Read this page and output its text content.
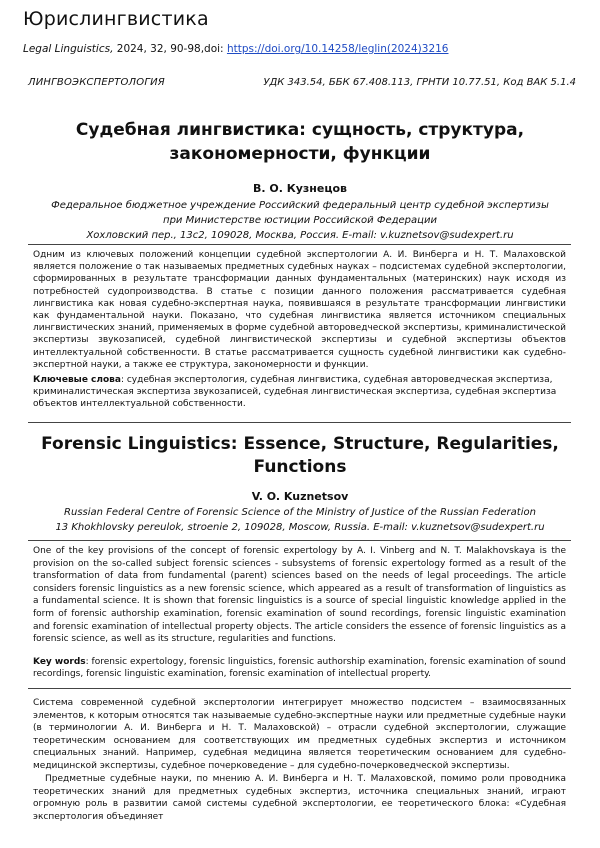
Юрислингвистика
Legal Linguistics, 2024, 32, 90-98,doi: https://doi.org/10.14258/leglin(2024)3216
ЛИНГВОЭКСПЕРТОЛОГИЯ	УДК 343.54, ББК 67.408.113, ГРНТИ 10.77.51, Код ВАК 5.1.4
Судебная лингвистика: сущность, структура,
закономерности, функции
В. О. Кузнецов
Федеральное бюджетное учреждение Российский федеральный центр судебной экспертизы
при Министерстве юстиции Российской Федерации
Хохловский пер., 13с2, 109028, Москва, Россия. E-mail: v.kuznetsov@sudexpert.ru
Одним из ключевых положений концепции судебной экспертологии А. И. Винберга и Н. Т. Малаховской является положение о так называемых предметных судебных науках – подсистемах судебной экспертологии, сформированных в результате трансформации данных фундаментальных (материнских) наук исходя из потребностей судопроизводства. В статье с позиции данного положения рассматривается судебная лингвистика как новая судебно-экспертная наука, появившаяся в результате трансформации лингвистики как фундаментальной науки. Показано, что судебная лингвистика является источником специальных лингвистических знаний, применяемых в форме судебной автороведческой экспертизы, криминалистической экспертизы звукозаписей, судебной лингвистической экспертизы и судебной экспертизы объектов интеллектуальной собственности. В статье рассматривается сущность судебной лингвистики как судебно-экспертной науки, а также ее структура, закономерности и функции.
Ключевые слова: судебная экспертология, судебная лингвистика, судебная автороведческая экспертиза, криминалистическая экспертиза звукозаписей, судебная лингвистическая экспертиза, судебная экспертиза объектов интеллектуальной собственности.
Forensic Linguistics: Essence, Structure, Regularities,
Functions
V. O. Kuznetsov
Russian Federal Centre of Forensic Science of the Ministry of Justice of the Russian Federation
13 Khokhlovsky pereulok, stroenie 2, 109028, Moscow, Russia. E-mail: v.kuznetsov@sudexpert.ru
One of the key provisions of the concept of forensic expertology by A. I. Vinberg and N. T. Malakhovskaya is the provision on the so-called subject forensic sciences - subsystems of forensic expertology formed as a result of the transformation of data from fundamental (parent) sciences based on the needs of legal proceedings. The article considers forensic linguistics as a new forensic science, which appeared as a result of transformation of linguistics as a fundamental science. It is shown that forensic linguistics is a source of special linguistic knowledge applied in the form of forensic authorship examination, forensic examination of sound recordings, forensic linguistic examination and forensic examination of intellectual property objects. The article considers the essence of forensic linguistics as a forensic science, as well as its structure, regularities and functions.
Key words: forensic expertology, forensic linguistics, forensic authorship examination, forensic examination of sound recordings, forensic linguistic examination, forensic examination of intellectual property.
Система современной судебной экспертологии интегрирует множество подсистем – взаимосвязанных элементов, к которым относятся так называемые судебно-экспертные науки или предметные судебные науки (в терминологии А. И. Винберга и Н. Т. Малаховской) – отрасли судебной экспертологии, служащие теоретическим основанием для соответствующих им предметных судебных экспертиз и источником специальных знаний. Например, судебная медицина является теоретическим основанием для судебно-медицинской экспертизы, судебное почерковедение – для судебно-почерковедческой экспертизы.
Предметные судебные науки, по мнению А. И. Винберга и Н. Т. Малаховской, помимо роли проводника теоретических знаний для предметных судебных экспертиз, источника специальных знаний, играют огромную роль в развитии самой системы судебной экспертологии, ее теоретического блока: «Судебная экспертология объединяет
